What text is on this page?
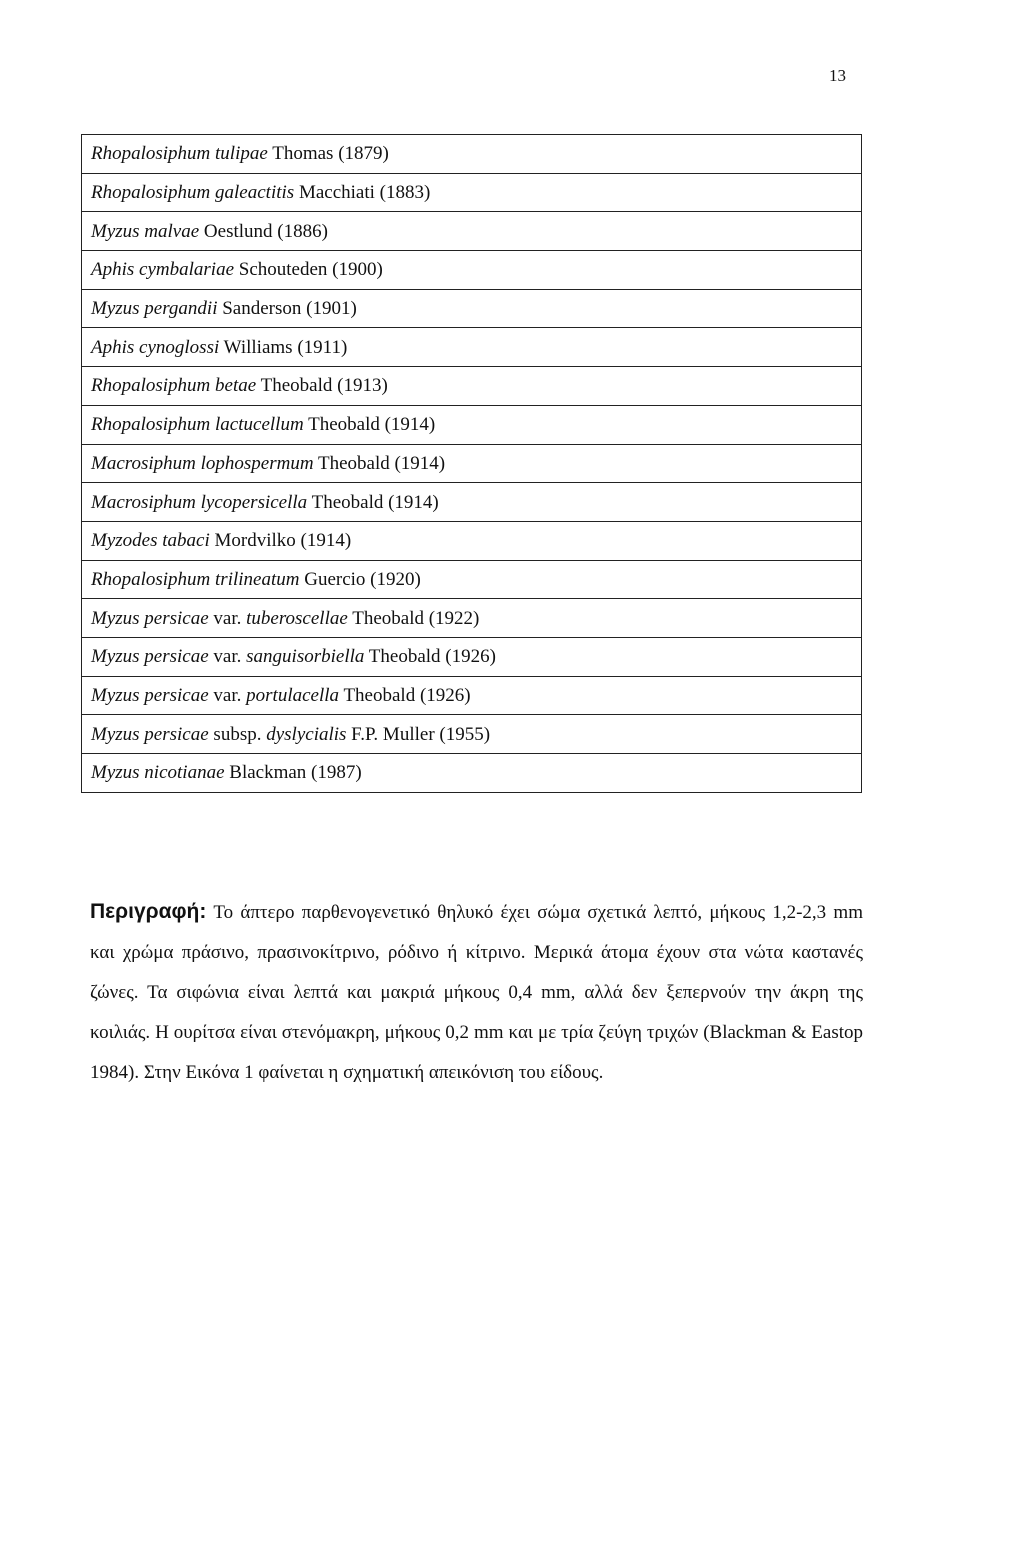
13
Rhopalosiphum tulipae Thomas (1879)
Rhopalosiphum galeactitis Macchiati (1883)
Myzus malvae Oestlund (1886)
Aphis cymbalariae Schouteden (1900)
Myzus pergandii Sanderson (1901)
Aphis cynoglossi Williams (1911)
Rhopalosiphum betae Theobald (1913)
Rhopalosiphum lactucellum Theobald (1914)
Macrosiphum lophospermum Theobald (1914)
Macrosiphum lycopersicella Theobald (1914)
Myzodes tabaci Mordvilko (1914)
Rhopalosiphum trilineatum Guercio (1920)
Myzus persicae var. tuberoscellae Theobald (1922)
Myzus persicae var. sanguisorbiella Theobald (1926)
Myzus persicae var. portulacella Theobald (1926)
Myzus persicae subsp. dyslycialis F.P. Muller (1955)
Myzus nicotianae Blackman (1987)
Περιγραφή: Το άπτερο παρθενογενετικό θηλυκό έχει σώμα σχετικά λεπτό, μήκους 1,2-2,3 mm και χρώμα πράσινο, πρασινοκίτρινο, ρόδινο ή κίτρινο. Μερικά άτομα έχουν στα νώτα καστανές ζώνες. Τα σιφώνια είναι λεπτά και μακριά μήκους 0,4 mm, αλλά δεν ξεπερνούν την άκρη της κοιλιάς. Η ουρίτσα είναι στενόμακρη, μήκους 0,2 mm και με τρία ζεύγη τριχών (Blackman & Eastop 1984). Στην Εικόνα 1 φαίνεται η σχηματική απεικόνιση του είδους.
